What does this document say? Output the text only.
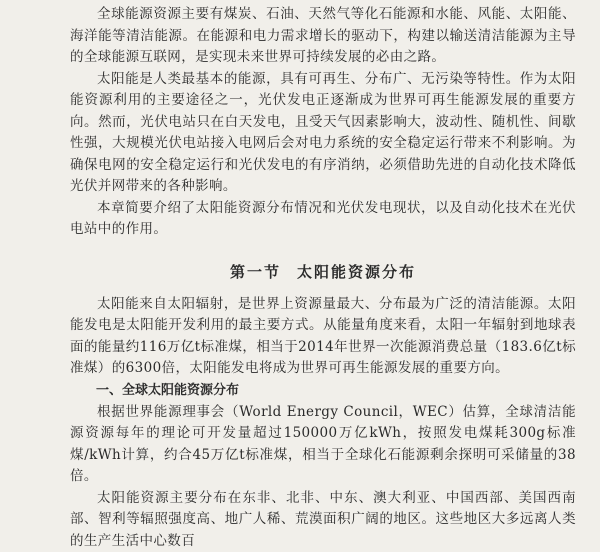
全球能源资源主要有煤炭、石油、天然气等化石能源和水能、风能、太阳能、海洋能等清洁能源。在能源和电力需求增长的驱动下，构建以输送清洁能源为主导的全球能源互联网，是实现未来世界可持续发展的必由之路。

太阳能是人类最基本的能源，具有可再生、分布广、无污染等特性。作为太阳能资源利用的主要途径之一，光伏发电正逐渐成为世界可再生能源发展的重要方向。然而，光伏电站只在白天发电，且受天气因素影响大，波动性、随机性、间歇性强，大规模光伏电站接入电网后会对电力系统的安全稳定运行带来不利影响。为确保电网的安全稳定运行和光伏发电的有序消纳，必须借助先进的自动化技术降低光伏并网带来的各种影响。

本章简要介绍了太阳能资源分布情况和光伏发电现状，以及自动化技术在光伏电站中的作用。

第一节 太阳能资源分布

太阳能来自太阳辐射，是世界上资源量最大、分布最为广泛的清洁能源。太阳能发电是太阳能开发利用的最主要方式。从能量角度来看，太阳一年辐射到地球表面的能量约116万亿t标准煤，相当于2014年世界一次能源消费总量（183.6亿t标准煤）的6300倍，太阳能发电将成为世界可再生能源发展的重要方向。

一、全球太阳能资源分布

根据世界能源理事会（World Energy Council，WEC）估算，全球清洁能源资源每年的理论可开发量超过150000万亿kWh，按照发电煤耗300g标准煤/kWh计算，约合45万亿t标准煤，相当于全球化石能源剩余探明可采储量的38倍。

太阳能资源主要分布在东非、北非、中东、澳大利亚、中国西部、美国西南部、智利等辐照强度高、地广人稀、荒漠面积广阔的地区。这些地区大多远离人类的生产生活中心数百
